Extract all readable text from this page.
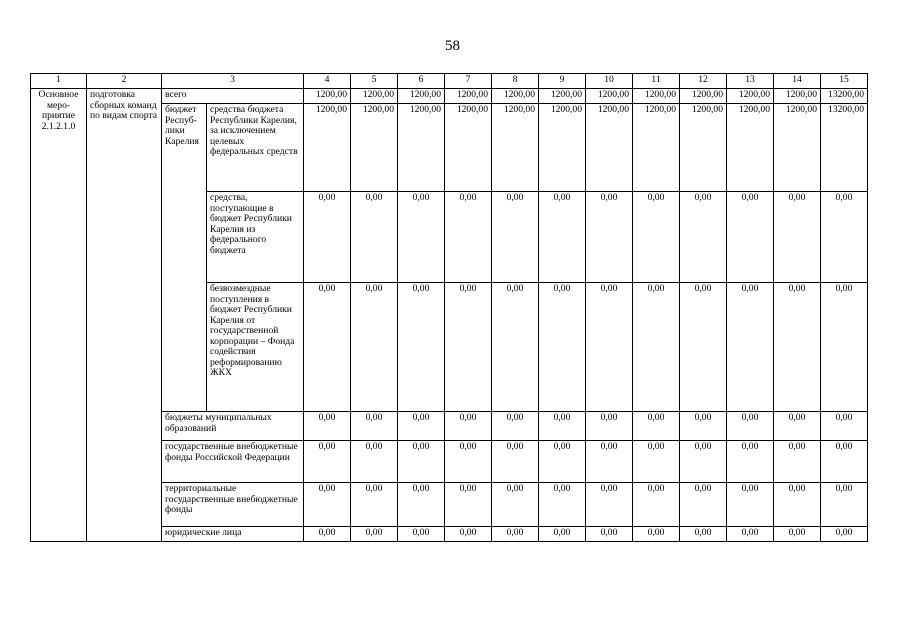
58
1	2	3		4	5	6	7	8	9	10	11	12	13	14	15
Основное меро-приятие 2.1.2.1.0	подготовка сборных команд по видам спорта	всего		1200,00	1200,00	1200,00	1200,00	1200,00	1200,00	1200,00	1200,00	1200,00	1200,00	1200,00	13200,00
		бюджет Респуб-лики Карелия	средства бюджета Республики Карелия, за исключением целевых федеральных средств	1200,00	1200,00	1200,00	1200,00	1200,00	1200,00	1200,00	1200,00	1200,00	1200,00	1200,00	13200,00
			средства, поступающие в бюджет Республики Карелия из федерального бюджета	0,00	0,00	0,00	0,00	0,00	0,00	0,00	0,00	0,00	0,00	0,00	0,00
			безвозмездные поступления в бюджет Республики Карелия от государственной корпорации – Фонда содействия реформированию ЖКХ	0,00	0,00	0,00	0,00	0,00	0,00	0,00	0,00	0,00	0,00	0,00	0,00
		бюджеты муниципальных образований		0,00	0,00	0,00	0,00	0,00	0,00	0,00	0,00	0,00	0,00	0,00	0,00
		государственные внебюджетные фонды Российской Федерации		0,00	0,00	0,00	0,00	0,00	0,00	0,00	0,00	0,00	0,00	0,00	0,00
		территориальные государственные внебюджетные фонды		0,00	0,00	0,00	0,00	0,00	0,00	0,00	0,00	0,00	0,00	0,00	0,00
		юридические лица		0,00	0,00	0,00	0,00	0,00	0,00	0,00	0,00	0,00	0,00	0,00	0,00
